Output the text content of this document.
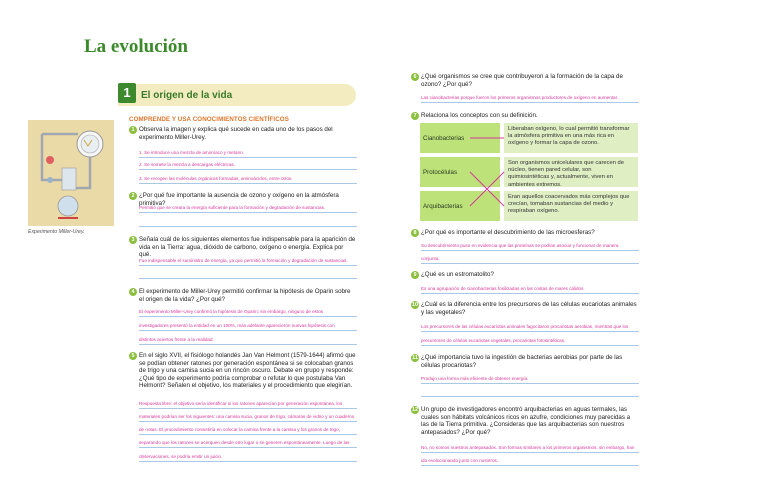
La evolución
1	El origen de la vida
COMPRENDE Y USA CONOCIMIENTOS CIENTÍFICOS
Experimento Miller-Urey.
1 Observa la imagen y explica qué sucede en cada uno de los pasos del experimento Miller-Urey.
1. Se introduce una mezcla de amoníaco y metano.
2. Se somete la mezcla a descargas eléctricas.
3. Se recogen las moléculas orgánicas formadas, aminoácidos, entre otros.
2 ¿Por qué fue importante la ausencia de ozono y oxígeno en la atmósfera primitiva?
Permitió que se creara la energía suficiente para la formación y degradación de sustancias.
3 Señala cuál de los siguientes elementos fue indispensable para la aparición de vida en la Tierra: agua, dióxido de carbono, oxígeno o energía. Explica por qué.
Fue indispensable el suministro de energía, ya que permitió la formación y degradación de sustancias.
4 El experimento de Miller-Urey permitió confirmar la hipótesis de Oparin sobre el origen de la vida? ¿Por qué?
El experimento Miller-Urey confirmó la hipótesis de Oparin; sin embargo, ninguno de estos
investigadores presentó la entidad en un 100%, más adelante aparecieron nuevas hipótesis con
distintos aciertos frente a la realidad.
5 En el siglo XVII, el fisiólogo holandés Jan Van Helmont (1579-1644) afirmó que se podían obtener ratones por generación espontánea si se colocaban granos de trigo y una camisa sucia en un rincón oscuro. Debate en grupo y responde: ¿Qué tipo de experimento podría comprobar o refutar lo que postulaba Van Helmont? Señalen el objetivo, los materiales y el procedimiento que elegirían.
Respuesta libre: el objetivo sería identificar si los ratones aparecían por generación espontánea, los
materiales podrían ser los siguientes: una camisa sucia, granos de trigo, cámaras de vidrio y un cuaderno
de notas. El procedimiento consistiría en colocar la camisa frente a la camisa y los granos de trigo,
separando que los ratones se acerquen desde otro lugar o se generen espontáneamente. Luego de las
observaciones, se podría emitir un juicio.
6 ¿Qué organismos se cree que contribuyeron a la formación de la capa de ozono? ¿Por qué?
Las cianobacterias porque fueron los primeros organismos productores de oxígeno en aumentar.
7 Relaciona los conceptos con su definición.
Cianobacterias
Protocélulas
Arquibacterias
Liberaban oxígeno, lo cual permitió transformar la atmósfera primitiva en una más rica en oxígeno y formar la capa de ozono.
Son organismos unicelulares que carecen de núcleo, tienen pared celular, son quimiosintéticas y, actualmente, viven en ambientes extremos.
Eran aquellos coacervados más complejos que crecían, tomaban sustancias del medio y respiraban oxígeno.
8 ¿Por qué es importante el descubrimiento de las microesferas?
Su descubrimiento puso en evidencia que las proteínas se podían asociar y funcionar de manera
conjunta.
9 ¿Qué es un estromatolito?
Es una agrupación de cianobacterias fosilizadas en las costas de mares cálidos.
10 ¿Cuál es la diferencia entre los precursores de las células eucariotas animales y las vegetales?
Los precursores de las células eucariotas animales fagocitaron procariotas aerobias, mientras que los
precursores de células eucariotas vegetales, procariotas fotosintéticas.
11 ¿Qué importancia tuvo la ingestión de bacterias aerobias por parte de las células procariotas?
Produjo una forma más eficiente de obtener energía.
12 Un grupo de investigadores encontró arquibacterias en aguas termales, las cuales son hábitats volcánicos ricos en azufre, condiciones muy parecidas a las de la Tierra primitiva. ¿Consideras que las arquibacterias son nuestros antepasados? ¿Por qué?
No, no somos nuestros antepasados. Son formas similares a los primeros organismos, sin embargo, han
ido evolucionando junto con nosotros.
